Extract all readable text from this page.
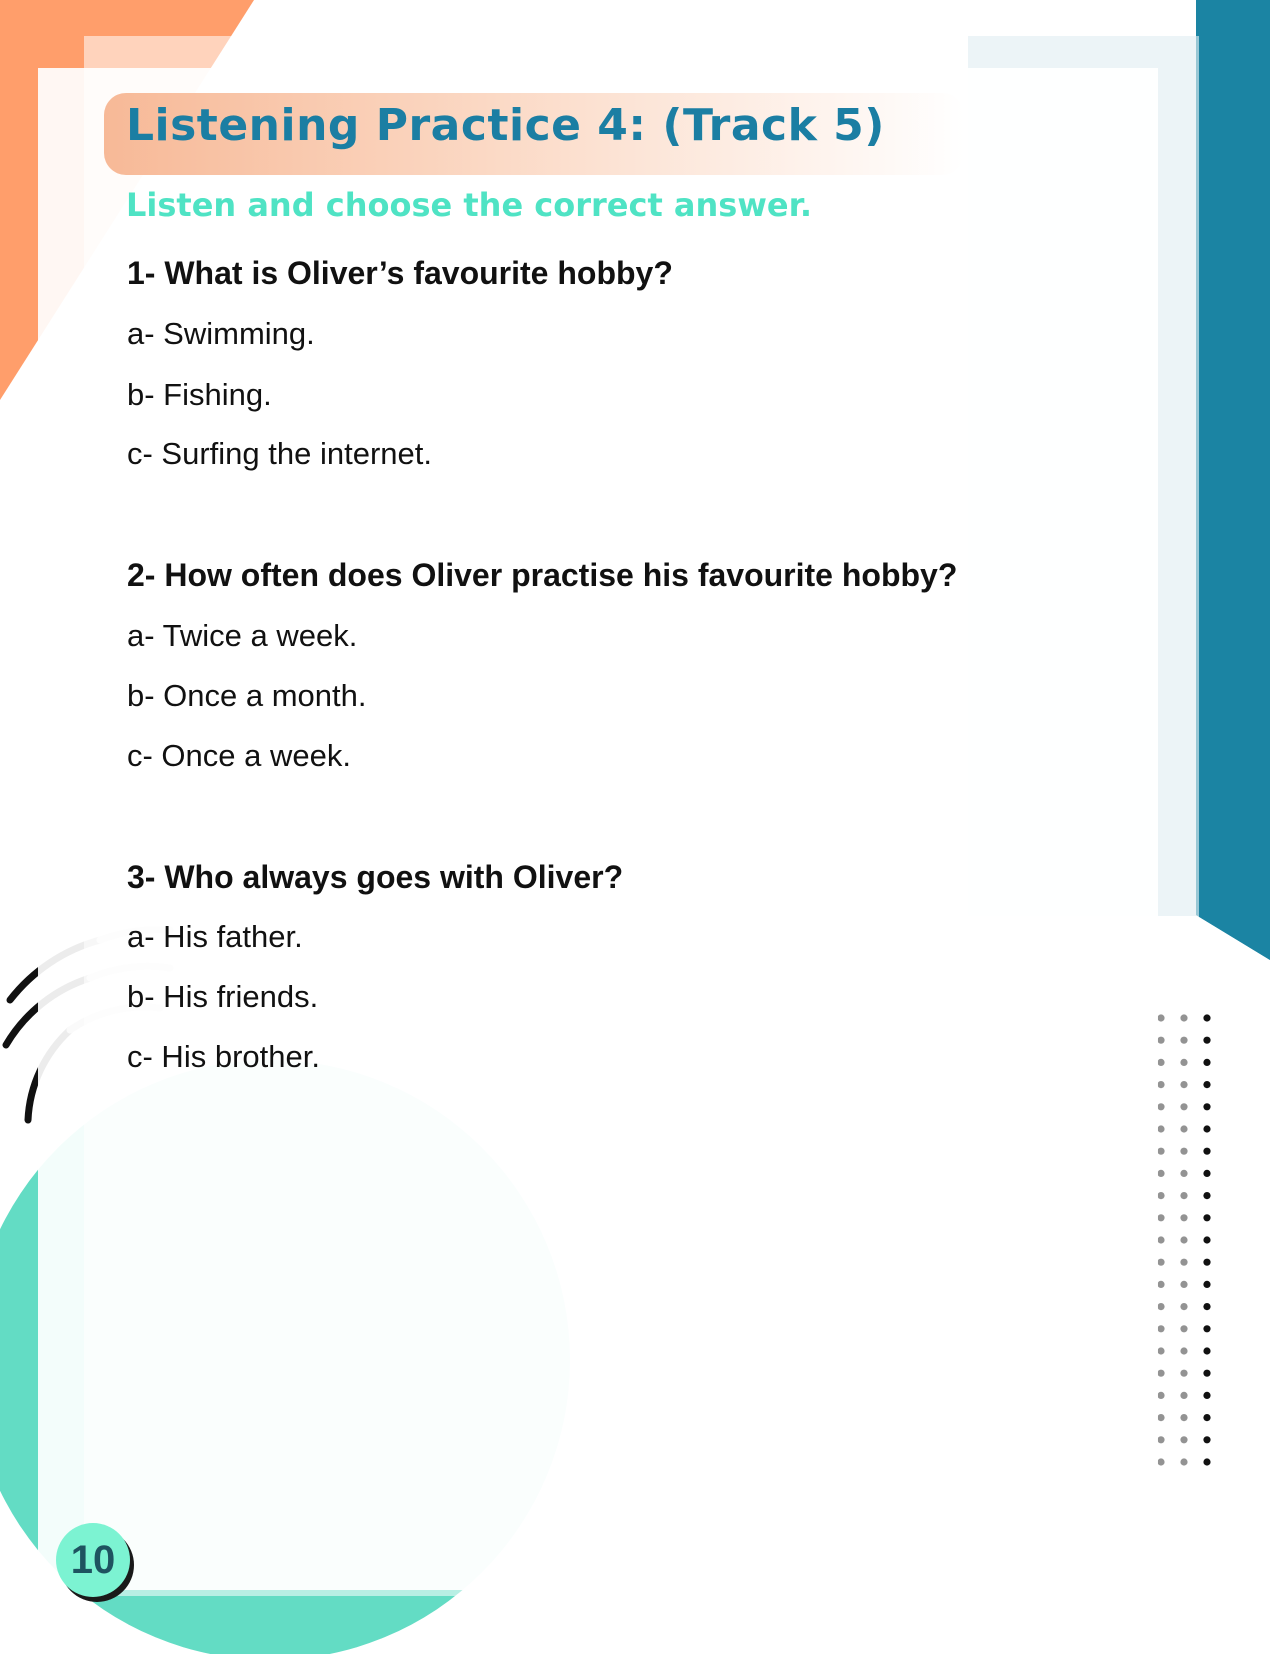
Listening Practice 4: (Track 5)
Listen and choose the correct answer.
1- What is Oliver’s favourite hobby?
a- Swimming.
b- Fishing.
c- Surfing the internet.
2- How often does Oliver practise his favourite hobby?
a- Twice a week.
b- Once a month.
c- Once a week.
3- Who always goes with Oliver?
a- His father.
b- His friends.
c- His brother.
10
